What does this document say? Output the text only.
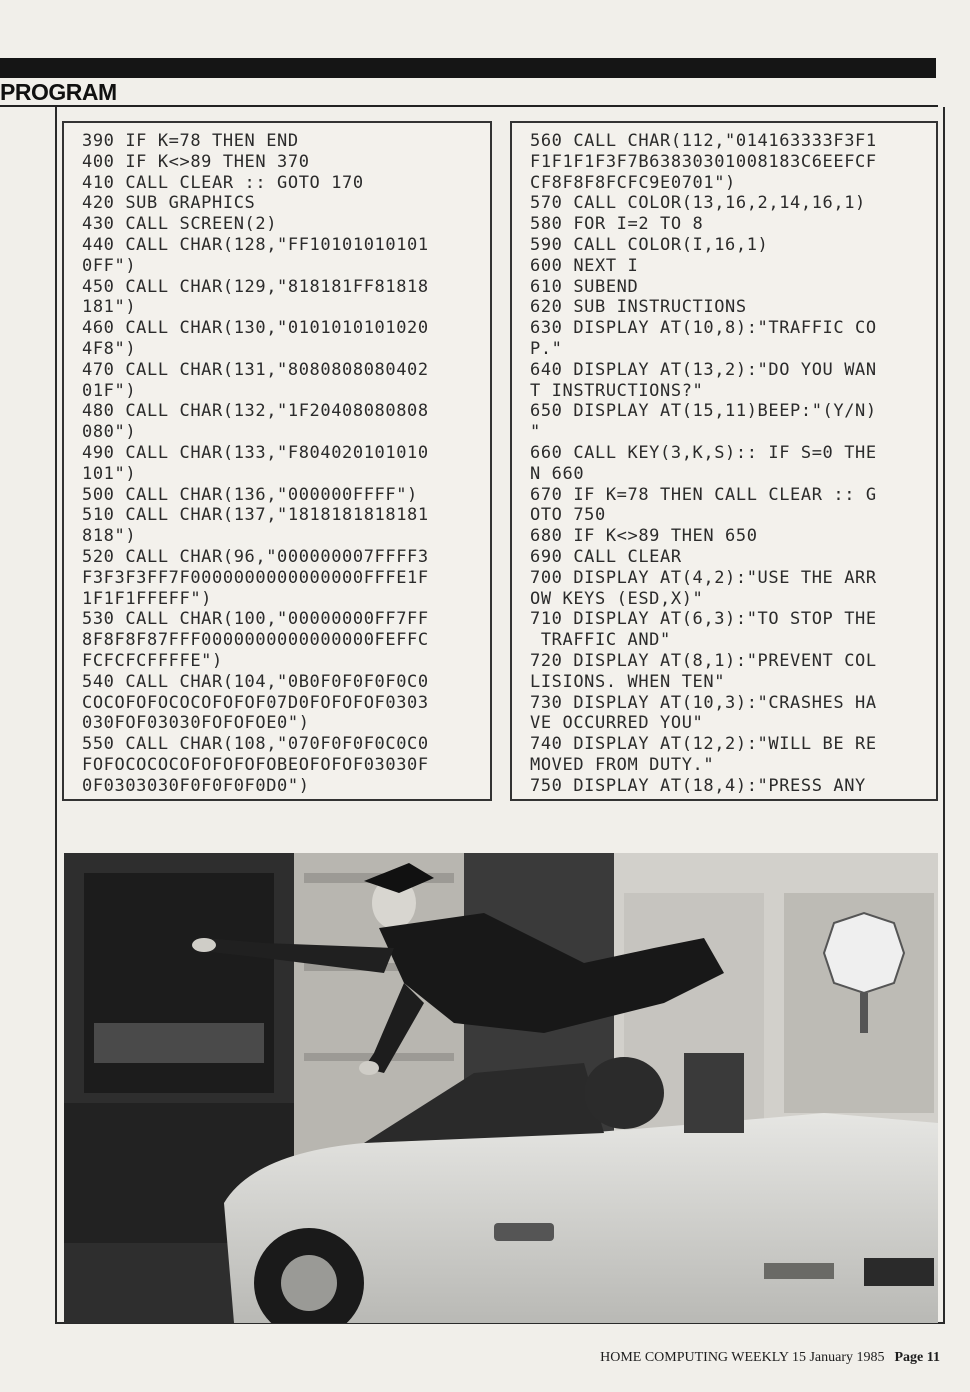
PROGRAM
390 IF K=78 THEN END
400 IF K<>89 THEN 370
410 CALL CLEAR :: GOTO 170
420 SUB GRAPHICS
430 CALL SCREEN(2)
440 CALL CHAR(128,"FF10101010101
0FF")
450 CALL CHAR(129,"818181FF81818
181")
460 CALL CHAR(130,"0101010101020
4F8")
470 CALL CHAR(131,"8080808080402
01F")
480 CALL CHAR(132,"1F20408080808
080")
490 CALL CHAR(133,"F804020101010
101")
500 CALL CHAR(136,"000000FFFF")
510 CALL CHAR(137,"1818181818181
818")
520 CALL CHAR(96,"000000007FFFF3
F3F3F3FF7F0000000000000000FFFE1F
1F1F1FFEFF")
530 CALL CHAR(100,"00000000FF7FF
8F8F8F87FFF0000000000000000FEFFC
FCFCFCFFFFE")
540 CALL CHAR(104,"0B0F0F0F0F0C0
COCOFOFOCOCOFOFOF07D0FOFOFOF0303
030FOF03030FOFOFOE0")
550 CALL CHAR(108,"070F0F0F0C0C0
FOFOCOCOCOFOFOFOFOBEOFOFOF03030F
0F0303030F0F0F0F0D0")
560 CALL CHAR(112,"014163333F3F1
F1F1F1F3F7B63830301008183C6EEFCF
CF8F8F8FCFC9E0701")
570 CALL COLOR(13,16,2,14,16,1)
580 FOR I=2 TO 8
590 CALL COLOR(I,16,1)
600 NEXT I
610 SUBEND
620 SUB INSTRUCTIONS
630 DISPLAY AT(10,8):"TRAFFIC CO
P."
640 DISPLAY AT(13,2):"DO YOU WAN
T INSTRUCTIONS?"
650 DISPLAY AT(15,11)BEEP:"(Y/N)
"
660 CALL KEY(3,K,S):: IF S=0 THE
N 660
670 IF K=78 THEN CALL CLEAR :: G
OTO 750
680 IF K<>89 THEN 650
690 CALL CLEAR
700 DISPLAY AT(4,2):"USE THE ARR
OW KEYS (ESD,X)"
710 DISPLAY AT(6,3):"TO STOP THE
TRAFFIC AND"
720 DISPLAY AT(8,1):"PREVENT COL
LISIONS. WHEN TEN"
730 DISPLAY AT(10,3):"CRASHES HA
VE OCCURRED YOU"
740 DISPLAY AT(12,2):"WILL BE RE
MOVED FROM DUTY."
750 DISPLAY AT(18,4):"PRESS ANY
HOME COMPUTING WEEKLY 15 January 1985 Page 11
